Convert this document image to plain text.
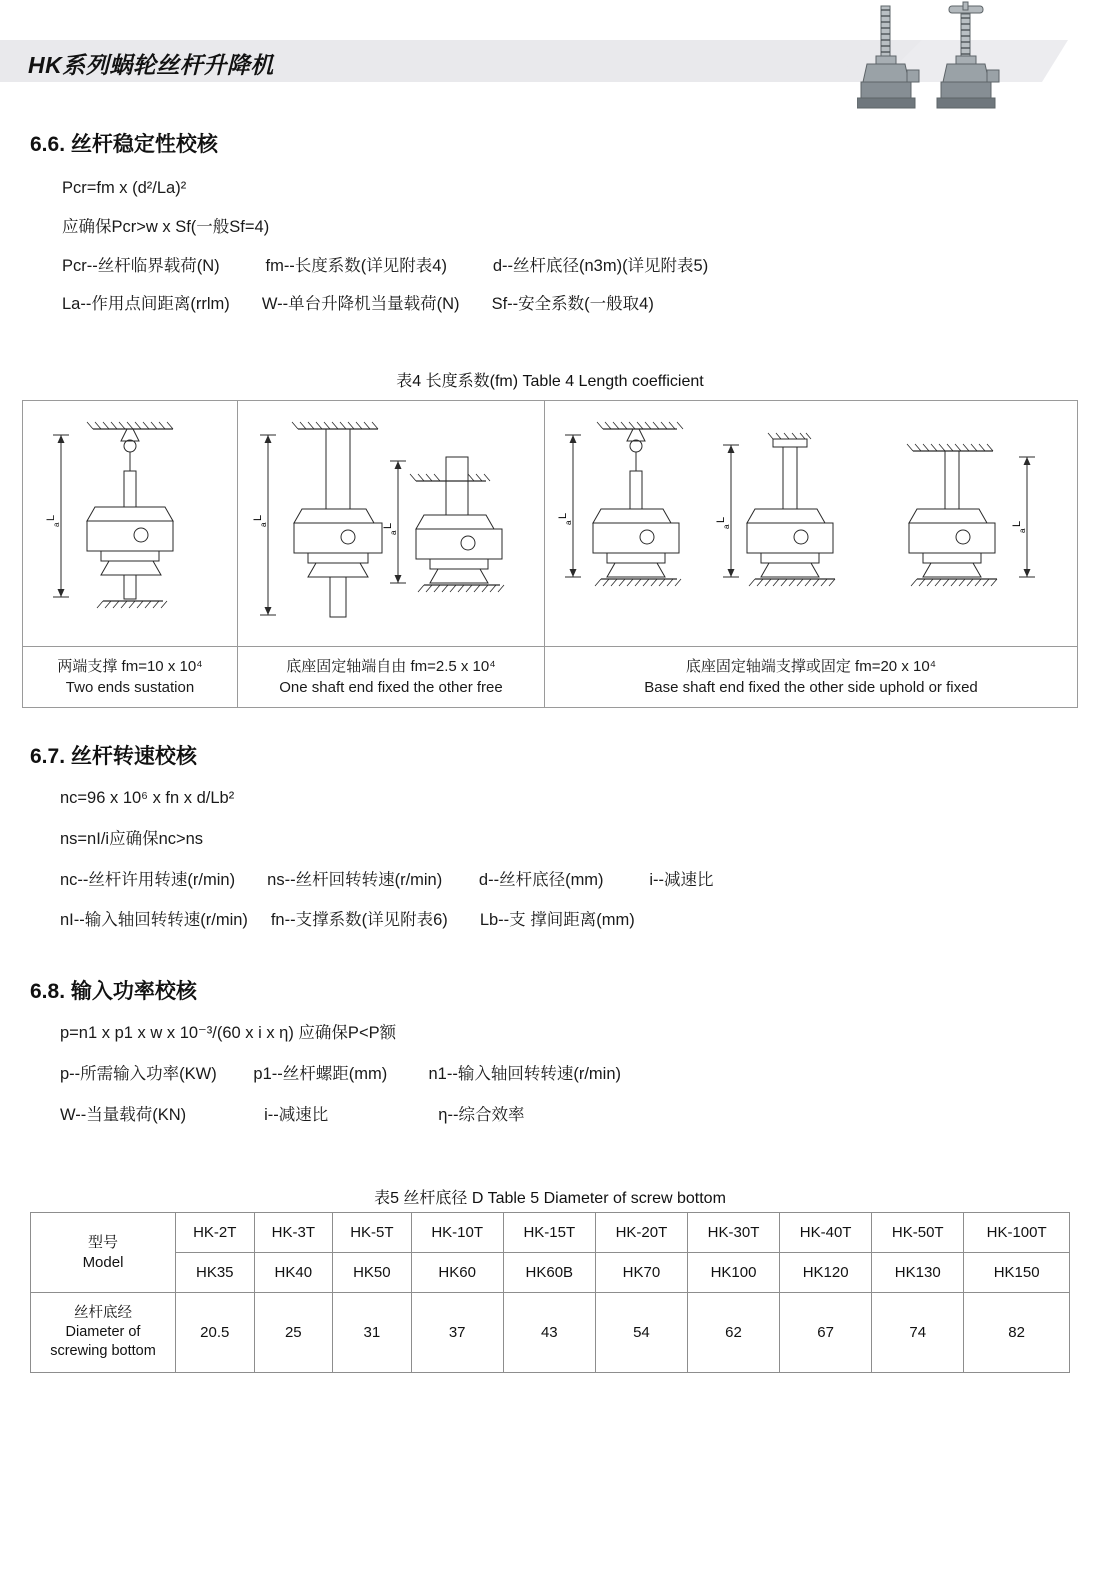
HK系列蜗轮丝杆升降机
6.6. 丝杆稳定性校核
Pcr=fm x (d²/La)²
应确保Pcr>w x Sf(一般Sf=4)
Pcr--丝杆临界载荷(N)          fm--长度系数(详见附表4)          d--丝杆底径(n3m)(详见附表5)
La--作用点间距离(rrlm)       W--单台升降机当量载荷(N)       Sf--安全系数(一般取4)
表4 长度系数(fm) Table 4 Length coefficient
L
a
L
a	L
a
L
a	L
a	L
a
两端支撑 fm=10 x 10⁴
Two ends sustation
底座固定轴端自由 fm=2.5 x 10⁴
One shaft end fixed the other free
底座固定轴端支撑或固定 fm=20 x 10⁴
Base shaft end fixed the other side uphold or fixed
6.7. 丝杆转速校核
nc=96 x 10⁶ x fn x d/Lb²
ns=nI/i应确保nc>ns
nc--丝杆许用转速(r/min)       ns--丝杆回转转速(r/min)        d--丝杆底径(mm)          i--减速比
nI--输入轴回转转速(r/min)     fn--支撑系数(详见附表6)       Lb--支 撑间距离(mm)
6.8. 输入功率校核
p=n1 x p1 x w x 10⁻³/(60 x i x η) 应确保P<P额
p--所需输入功率(KW)        p1--丝杆螺距(mm)         n1--输入轴回转转速(r/min)
W--当量载荷(KN)                 i--减速比                        η--综合效率
表5 丝杆底径 D Table 5 Diameter of screw bottom
型号
Model	HK-2T	HK-3T	HK-5T	HK-10T	HK-15T	HK-20T	HK-30T	HK-40T	HK-50T	HK-100T
	HK35	HK40	HK50	HK60	HK60B	HK70	HK100	HK120	HK130	HK150

丝杆底经
Diameter of
screwing bottom	20.5	25	31	37	43	54	62	67	74	82
